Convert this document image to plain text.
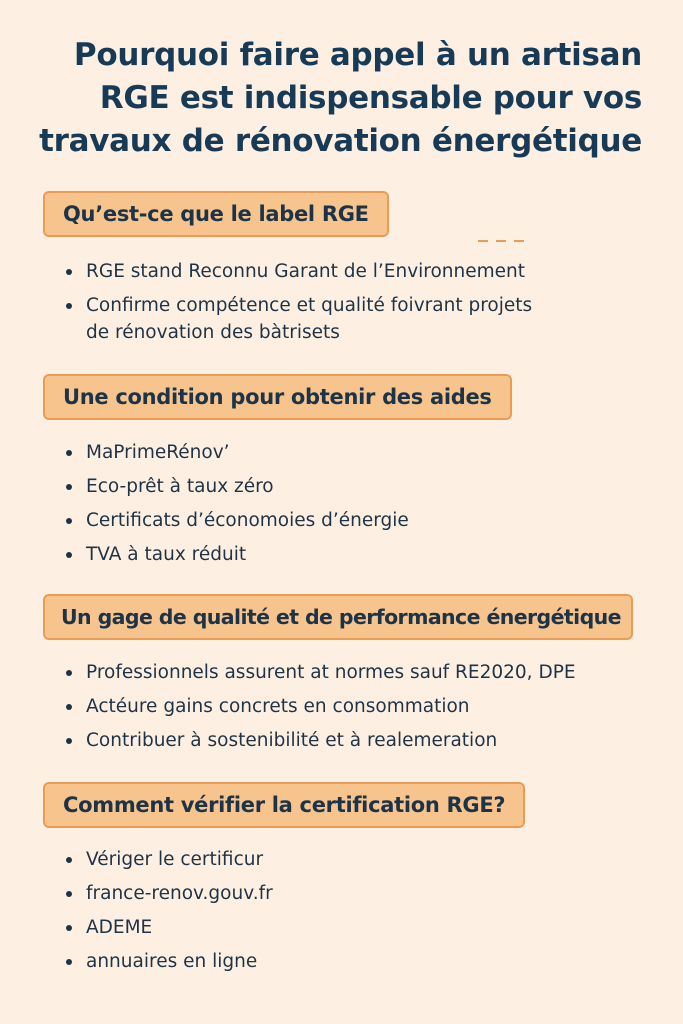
Pourquoi faire appel à un artisan
RGE est indispensable pour vos
travaux de rénovation énergétique
Qu’est-ce que le label RGE
RGE stand Reconnu Garant de l’Environnement
Confirme compétence et qualité foivrant projets
de rénovation des bàtrisets
Une condition pour obtenir des aides
MaPrimeRénov’
Eco-prêt à taux zéro
Certificats d’économoies d’énergie
TVA à taux réduit
Un gage de qualité et de performance énergétique
Professionnels assurent at normes sauf RE2020, DPE
Actéure gains concrets en consommation
Contribuer à sostenibilité et à realemeration
Comment vérifier la certification RGE?
Vériger le certificur
france-renov.gouv.fr
ADEME
annuaires en ligne
